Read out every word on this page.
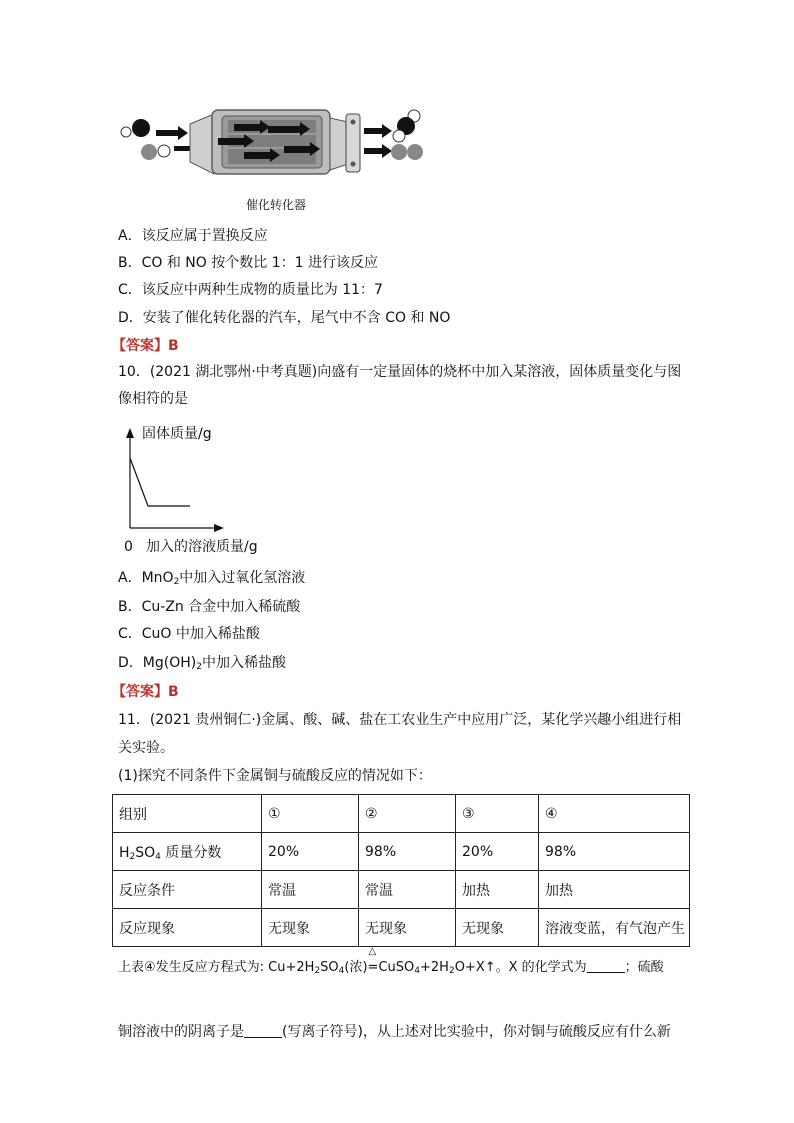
催化转化器
A．该反应属于置换反应
B．CO 和 NO 按个数比 1：1 进行该反应
C．该反应中两种生成物的质量比为 11：7
D．安装了催化转化器的汽车，尾气中不含 CO 和 NO
【答案】B
10．(2021 湖北鄂州·中考真题)向盛有一定量固体的烧杯中加入某溶液，固体质量变化与图
像相符的是
固体质量/g
0 加入的溶液质量/g
A．MnO$_2$中加入过氧化氢溶液
B．Cu-Zn 合金中加入稀硫酸
C．CuO 中加入稀盐酸
D．$Mg(OH)_2$中加入稀盐酸
【答案】B
11．(2021 贵州铜仁·)金属、酸、碱、盐在工农业生产中应用广泛，某化学兴趣小组进行相
关实验。
(1)探究不同条件下金属铜与硫酸反应的情况如下：
组别	①	②	③	④
$H_2SO_4$ 质量分数	20%	98%	20%	98%
反应条件	常温	常温	加热	加热
反应现象	无现象	无现象	无现象	溶液变蓝，有气泡产生
上表④发生反应方程式为: $Cu+2H_2SO_4$(浓)
△
$=CuSO_4+2H_2O+X↑$。X 的化学式为	；硫酸
铜溶液中的阴离子是	(写离子符号)，从上述对比实验中，你对铜与硫酸反应有什么新
